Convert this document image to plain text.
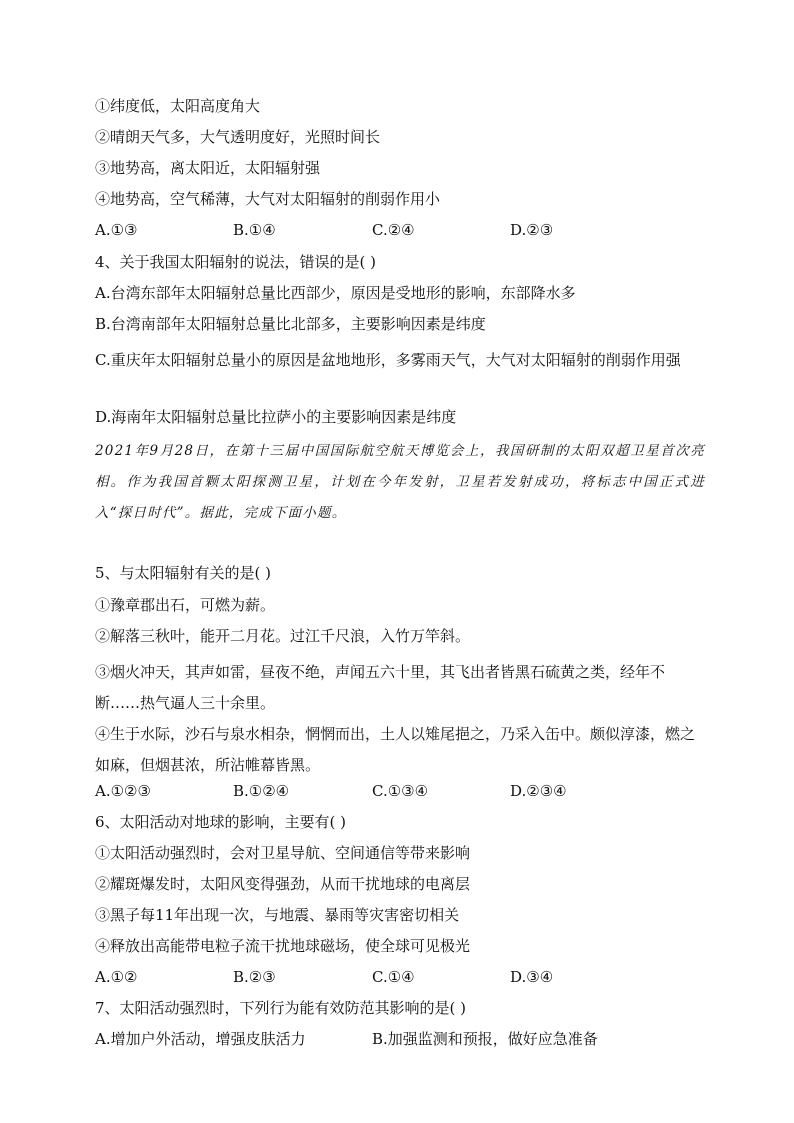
①纬度低，太阳高度角大
②晴朗天气多，大气透明度好，光照时间长
③地势高，离太阳近，太阳辐射强
④地势高，空气稀薄，大气对太阳辐射的削弱作用小
A.①③	B.①④	C.②④	D.②③
4、关于我国太阳辐射的说法，错误的是( )
A.台湾东部年太阳辐射总量比西部少，原因是受地形的影响，东部降水多
B.台湾南部年太阳辐射总量比北部多，主要影响因素是纬度
C.重庆年太阳辐射总量小的原因是盆地地形，多雾雨天气，大气对太阳辐射的削弱作用强
D.海南年太阳辐射总量比拉萨小的主要影响因素是纬度
2021年9月28日，在第十三届中国国际航空航天博览会上，我国研制的太阳双超卫星首次亮相。作为我国首颗太阳探测卫星，计划在今年发射，卫星若发射成功，将标志中国正式进入“探日时代”。据此，完成下面小题。
5、与太阳辐射有关的是( )
①豫章郡出石，可燃为薪。
②解落三秋叶，能开二月花。过江千尺浪，入竹万竿斜。
③烟火冲天，其声如雷，昼夜不绝，声闻五六十里，其飞出者皆黑石硫黄之类，经年不断……热气逼人三十余里。
④生于水际，沙石与泉水相杂，惘惘而出，土人以雉尾挹之，乃采入缶中。颇似淳漆，燃之如麻，但烟甚浓，所沾帷幕皆黑。
A.①②③	B.①②④	C.①③④	D.②③④
6、太阳活动对地球的影响，主要有( )
①太阳活动强烈时，会对卫星导航、空间通信等带来影响
②耀斑爆发时，太阳风变得强劲，从而干扰地球的电离层
③黑子每11年出现一次，与地震、暴雨等灾害密切相关
④释放出高能带电粒子流干扰地球磁场，使全球可见极光
A.①②	B.②③	C.①④	D.③④
7、太阳活动强烈时，下列行为能有效防范其影响的是( )
A.增加户外活动，增强皮肤活力	B.加强监测和预报，做好应急准备
